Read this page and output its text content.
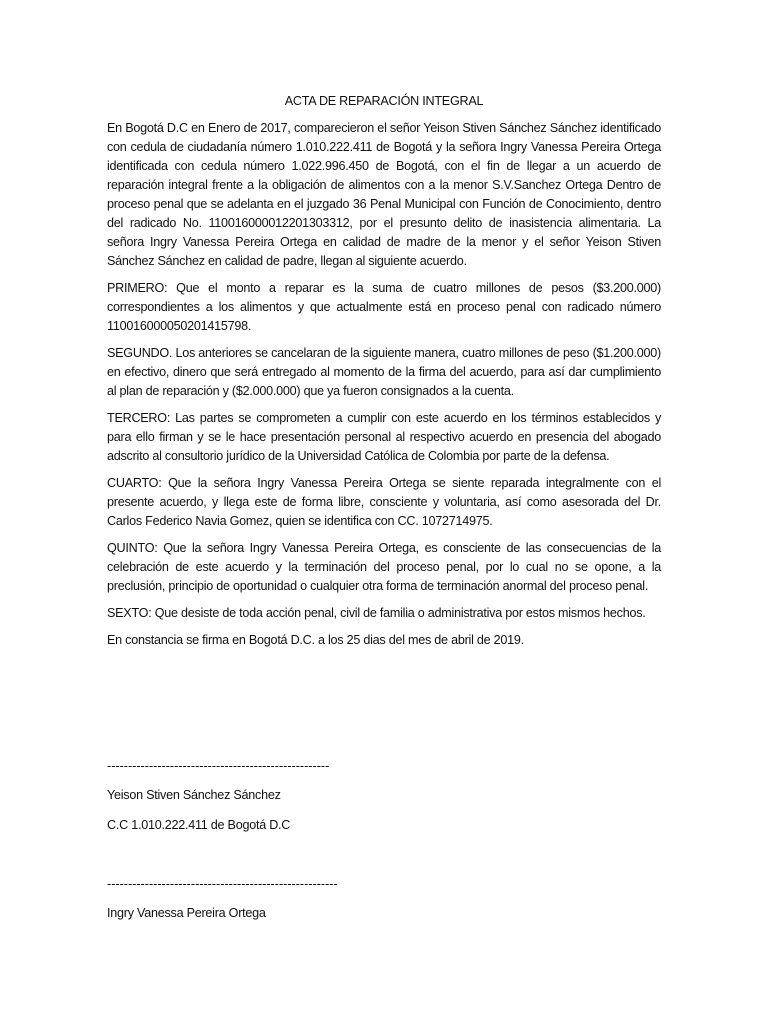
ACTA DE REPARACIÓN INTEGRAL

En Bogotá D.C en Enero de 2017, comparecieron el señor Yeison Stiven Sánchez Sánchez identificado con cedula de ciudadanía número 1.010.222.411 de Bogotá y la señora Ingry Vanessa Pereira Ortega identificada con cedula número 1.022.996.450 de Bogotá, con el fin de llegar a un acuerdo de reparación integral frente a la obligación de alimentos con a la menor S.V.Sanchez Ortega Dentro de proceso penal que se adelanta en el juzgado 36 Penal Municipal con Función de Conocimiento, dentro del radicado No. 110016000012201303312, por el presunto delito de inasistencia alimentaria. La señora Ingry Vanessa Pereira Ortega en calidad de madre de la menor y el señor Yeison Stiven Sánchez Sánchez en calidad de padre, llegan al siguiente acuerdo.

PRIMERO: Que el monto a reparar es la suma de cuatro millones de pesos ($3.200.000) correspondientes a los alimentos y que actualmente está en proceso penal con radicado número 110016000050201415798.

SEGUNDO. Los anteriores se cancelaran de la siguiente manera, cuatro millones de peso ($1.200.000) en efectivo, dinero que será entregado al momento de la firma del acuerdo, para así dar cumplimiento al plan de reparación y ($2.000.000) que ya fueron consignados a la cuenta.

TERCERO: Las partes se comprometen a cumplir con este acuerdo en los términos establecidos y para ello firman y se le hace presentación personal al respectivo acuerdo en presencia del abogado adscrito al consultorio jurídico de la Universidad Católica de Colombia por parte de la defensa.

CUARTO: Que la señora Ingry Vanessa Pereira Ortega se siente reparada integralmente con el presente acuerdo, y llega este de forma libre, consciente y voluntaria, así como asesorada del Dr. Carlos Federico Navia Gomez, quien se identifica con CC. 1072714975.

QUINTO: Que la señora Ingry Vanessa Pereira Ortega, es consciente de las consecuencias de la celebración de este acuerdo y la terminación del proceso penal, por lo cual no se opone, a la preclusión, principio de oportunidad o cualquier otra forma de terminación anormal del proceso penal.

SEXTO: Que desiste de toda acción penal, civil de familia o administrativa por estos mismos hechos.

En constancia se firma en Bogotá D.C. a los 25 dias del mes de abril de 2019.

-----------------------------------------------------

Yeison Stiven Sánchez Sánchez

C.C 1.010.222.411 de Bogotá D.C

-------------------------------------------------------

Ingry Vanessa Pereira Ortega
